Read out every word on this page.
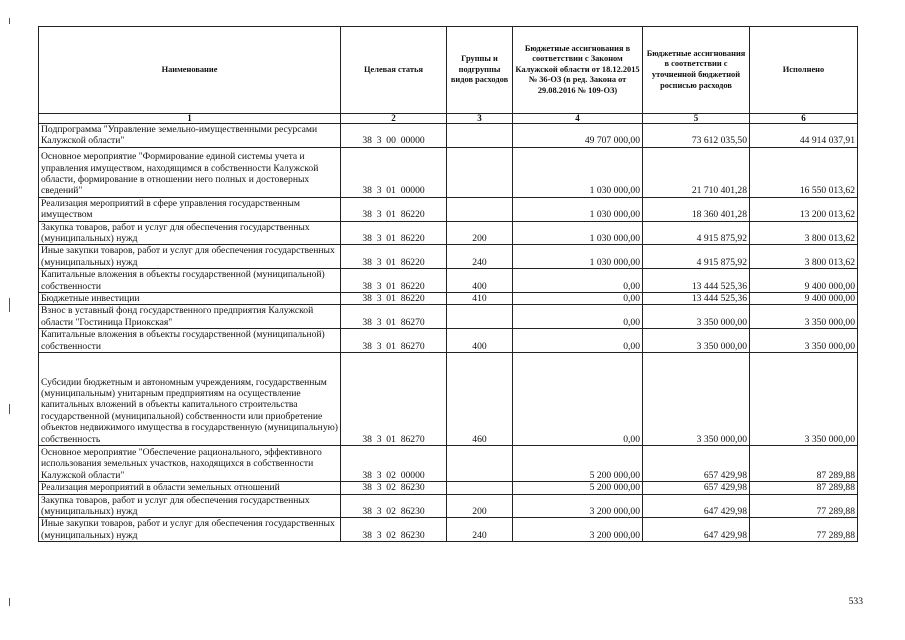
Наименование	Целевая статья	Группы и подгруппы видов расходов	Бюджетные ассигнования в соответствии с Законом Калужской области от 18.12.2015 № 36-ОЗ (в ред. Закона от 29.08.2016 № 109-ОЗ)	Бюджетные ассигнования в соответствии с уточненной бюджетной росписью расходов	Исполнено
1	2	3	4	5	6
Подпрограмма "Управление земельно-имущественными ресурсами Калужской области"	38  3  00  00000		49 707 000,00	73 612 035,50	44 914 037,91
Основное мероприятие "Формирование единой системы учета и управления имуществом, находящимся в собственности Калужской области, формирование в отношении него полных и достоверных сведений"	38  3  01  00000		1 030 000,00	21 710 401,28	16 550 013,62
Реализация мероприятий в сфере управления государственным имуществом	38  3  01  86220		1 030 000,00	18 360 401,28	13 200 013,62
Закупка товаров, работ и услуг для обеспечения государственных (муниципальных) нужд	38  3  01  86220	200	1 030 000,00	4 915 875,92	3 800 013,62
Иные закупки товаров, работ и услуг для обеспечения государственных (муниципальных) нужд	38  3  01  86220	240	1 030 000,00	4 915 875,92	3 800 013,62
Капитальные вложения в объекты государственной (муниципальной) собственности	38  3  01  86220	400	0,00	13 444 525,36	9 400 000,00
Бюджетные инвестиции	38  3  01  86220	410	0,00	13 444 525,36	9 400 000,00
Взнос в уставный фонд государственного предприятия Калужской области "Гостиница Приокская"	38  3  01  86270		0,00	3 350 000,00	3 350 000,00
Капитальные вложения в объекты государственной (муниципальной) собственности	38  3  01  86270	400	0,00	3 350 000,00	3 350 000,00
Субсидии бюджетным и автономным учреждениям, государственным (муниципальным) унитарным предприятиям на осуществление капитальных вложений в объекты капитального строительства государственной (муниципальной) собственности или приобретение объектов недвижимого имущества в государственную (муниципальную) собственность	38  3  01  86270	460	0,00	3 350 000,00	3 350 000,00
Основное мероприятие "Обеспечение рационального, эффективного использования земельных участков, находящихся в собственности Калужской области"	38  3  02  00000		5 200 000,00	657 429,98	87 289,88
Реализация мероприятий в области земельных отношений	38  3  02  86230		5 200 000,00	657 429,98	87 289,88
Закупка товаров, работ и услуг для обеспечения государственных (муниципальных) нужд	38  3  02  86230	200	3 200 000,00	647 429,98	77 289,88
Иные закупки товаров, работ и услуг для обеспечения государственных (муниципальных) нужд	38  3  02  86230	240	3 200 000,00	647 429,98	77 289,88
533
